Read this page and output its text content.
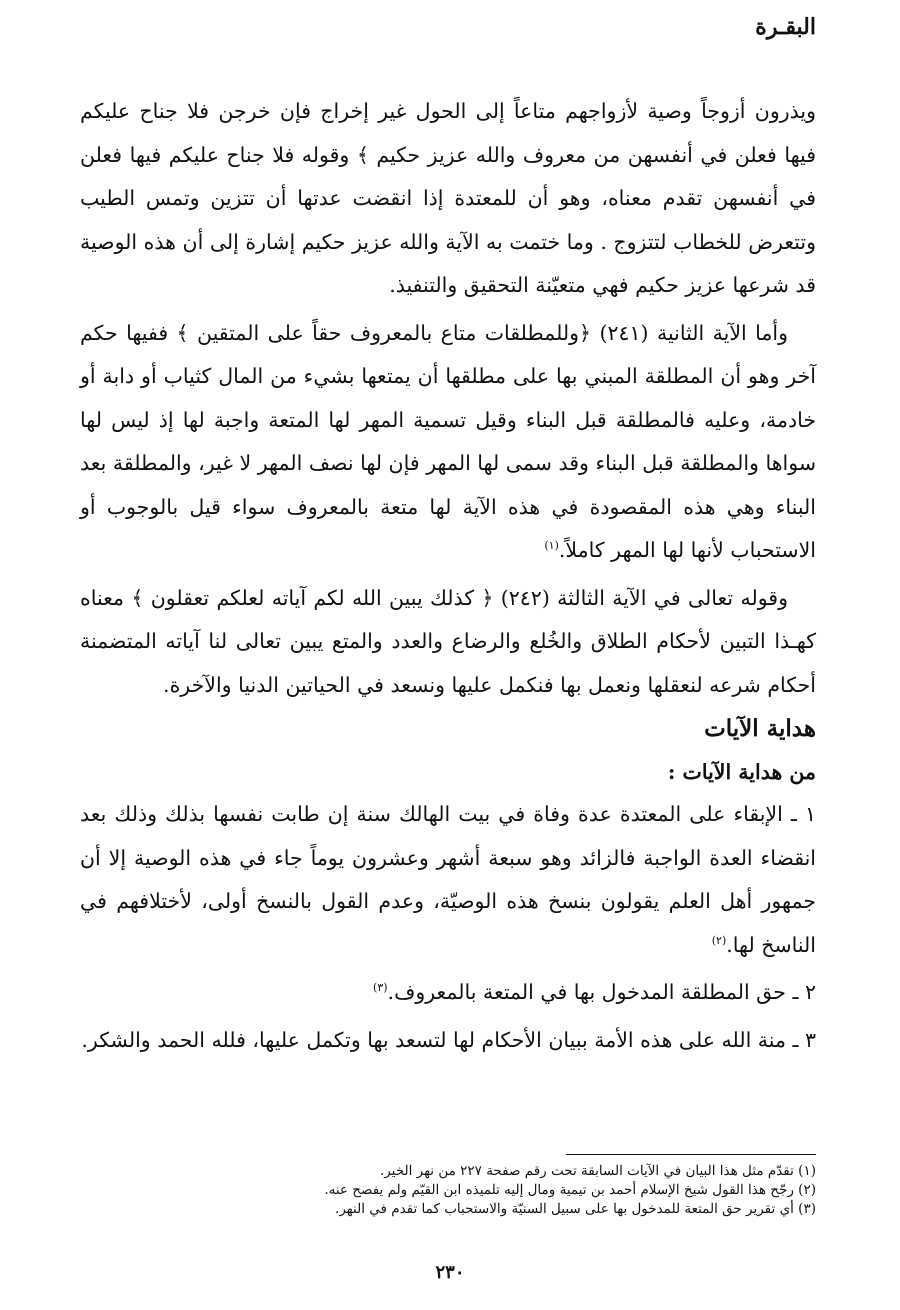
البقـرة

ويذرون أزوجاً وصية لأزواجهم متاعاً إلى الحول غير إخراج فإن خرجن فلا جناح عليكم فيها فعلن في أنفسهن من معروف والله عزيز حكيم ﴾ وقوله فلا جناح عليكم فيها فعلن في أنفسهن تقدم معناه، وهو أن للمعتدة إذا انقضت عدتها أن تتزين وتمس الطيب وتتعرض للخطاب لتتزوج . وما ختمت به الآية والله عزيز حكيم إشارة إلى أن هذه الوصية قد شرعها عزيز حكيم فهي متعيّنة التحقيق والتنفيذ.

وأما الآية الثانية (٢٤١) ﴿وللمطلقات متاع بالمعروف حقاً على المتقين ﴾ ففيها حكم آخر وهو أن المطلقة المبني بها على مطلقها أن يمتعها بشيء من المال كثياب أو دابة أو خادمة، وعليه فالمطلقة قبل البناء وقيل تسمية المهر لها المتعة واجبة لها إذ ليس لها سواها والمطلقة قبل البناء وقد سمى لها المهر فإن لها نصف المهر لا غير، والمطلقة بعد البناء وهي هذه المقصودة في هذه الآية لها متعة بالمعروف سواء قيل بالوجوب أو الاستحباب لأنها لها المهر كاملاً.$^{(١)}$

وقوله تعالى في الآية الثالثة (٢٤٢) ﴿ كذلك يبين الله لكم آياته لعلكم تعقلون ﴾ معناه كهـذا التبين لأحكام الطلاق والخُلع والرضاع والعدد والمتع يبين تعالى لنا آياته المتضمنة أحكام شرعه لنعقلها ونعمل بها فنكمل عليها ونسعد في الحياتين الدنيا والآخرة.

هداية الآيات

من هداية الآيات :

١ ـ الإبقاء على المعتدة عدة وفاة في بيت الهالك سنة إن طابت نفسها بذلك وذلك بعد انقضاء العدة الواجبة فالزائد وهو سبعة أشهر وعشرون يوماً جاء في هذه الوصية إلا أن جمهور أهل العلم يقولون بنسخ هذه الوصيّة، وعدم القول بالنسخ أولى، لأختلافهم في الناسخ لها.$^{(٢)}$

٢ ـ حق المطلقة المدخول بها في المتعة بالمعروف.$^{(٣)}$

٣ ـ منة الله على هذه الأمة ببيان الأحكام لها لتسعد بها وتكمل عليها، فلله الحمد والشكر.

(١) تقدّم مثل هذا البيان في الآيات السابقة تحت رقم صفحة ٢٢٧ من نهر الخير.

(٢) رجّح هذا القول شيخ الإسلام أحمد بن تيمية ومال إليه تلميذه ابن القيّم ولم يفصح عنه.

(٣) أي تقرير حق المتعة للمدخول بها على سبيل السنيّة والاستحباب كما تقدم في النهر.

٢٣٠
